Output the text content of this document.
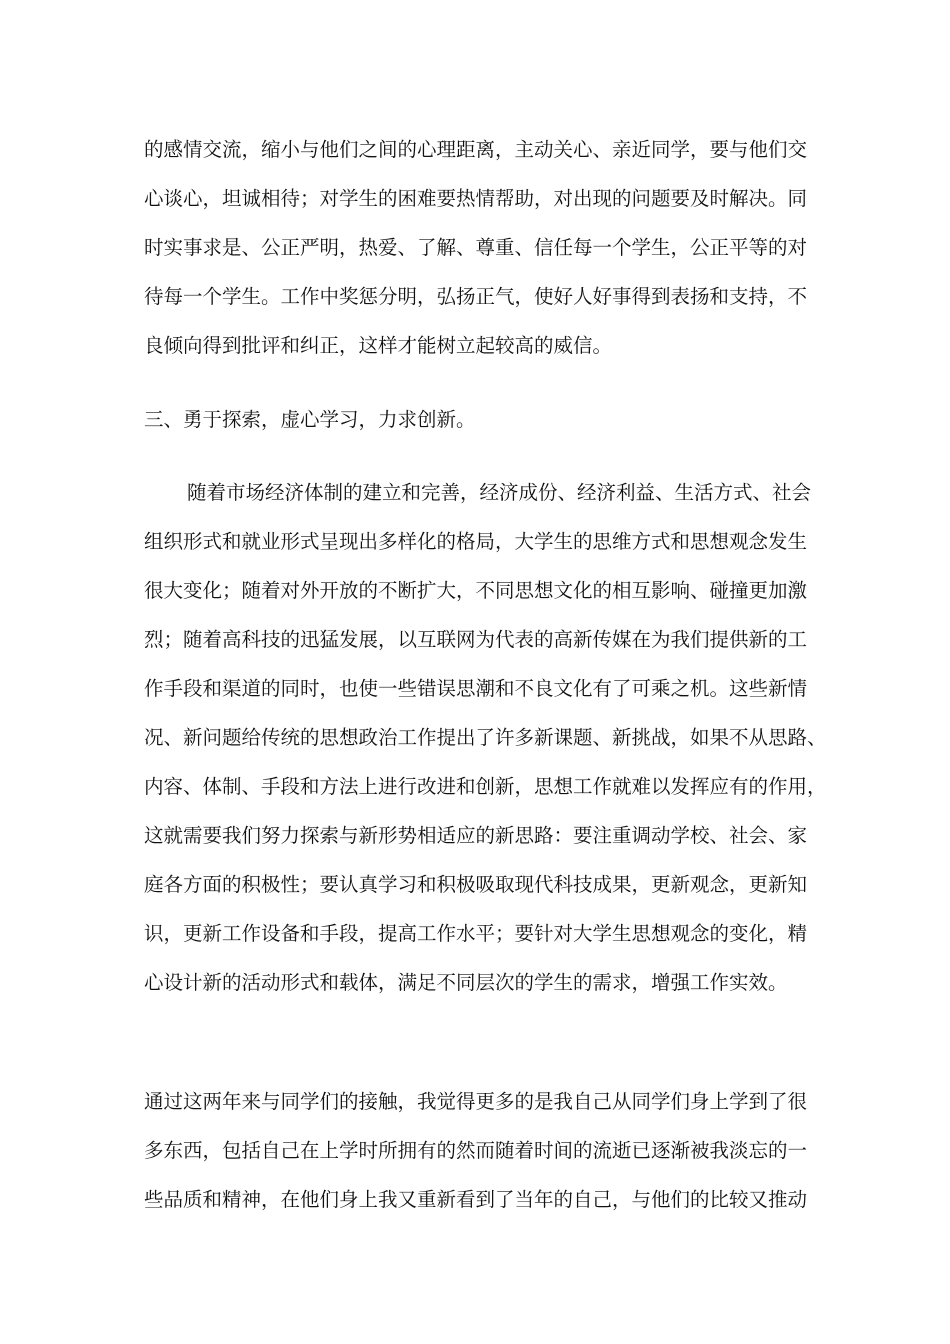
的感情交流，缩小与他们之间的心理距离，主动关心、亲近同学，要与他们交
心谈心，坦诚相待；对学生的困难要热情帮助，对出现的问题要及时解决。同
时实事求是、公正严明，热爱、了解、尊重、信任每一个学生，公正平等的对
待每一个学生。工作中奖惩分明，弘扬正气，使好人好事得到表扬和支持，不
良倾向得到批评和纠正，这样才能树立起较高的威信。
三、勇于探索，虚心学习，力求创新。
随着市场经济体制的建立和完善，经济成份、经济利益、生活方式、社会
组织形式和就业形式呈现出多样化的格局，大学生的思维方式和思想观念发生
很大变化；随着对外开放的不断扩大，不同思想文化的相互影响、碰撞更加激
烈；随着高科技的迅猛发展，以互联网为代表的高新传媒在为我们提供新的工
作手段和渠道的同时，也使一些错误思潮和不良文化有了可乘之机。这些新情
况、新问题给传统的思想政治工作提出了许多新课题、新挑战，如果不从思路、
内容、体制、手段和方法上进行改进和创新，思想工作就难以发挥应有的作用，
这就需要我们努力探索与新形势相适应的新思路：要注重调动学校、社会、家
庭各方面的积极性；要认真学习和积极吸取现代科技成果，更新观念，更新知
识，更新工作设备和手段，提高工作水平；要针对大学生思想观念的变化，精
心设计新的活动形式和载体，满足不同层次的学生的需求，增强工作实效。
通过这两年来与同学们的接触，我觉得更多的是我自己从同学们身上学到了很
多东西，包括自己在上学时所拥有的然而随着时间的流逝已逐渐被我淡忘的一
些品质和精神，在他们身上我又重新看到了当年的自己，与他们的比较又推动
